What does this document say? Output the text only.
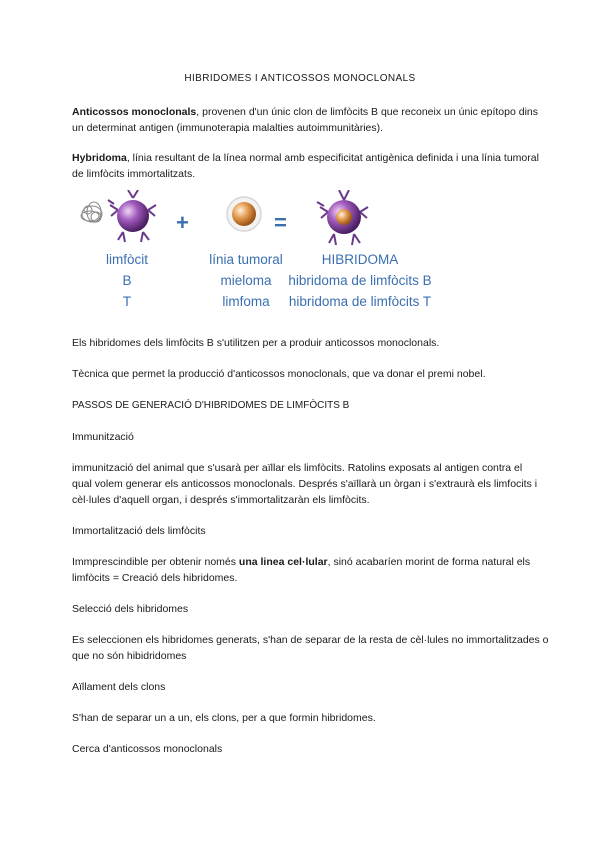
HIBRIDOMES I ANTICOSSOS MONOCLONALS
Anticossos monoclonals, provenen d'un únic clon de limfòcits B que reconeix un únic epítopo dins
un determinat antigen (immunoterapia malalties autoimmunitàries).
Hybridoma, línia resultant de la línea normal amb especificitat antigènica definida i una línia tumoral
de limfòcits immortalitzats.
+	=
limfòcit
B
T
línia tumoral
mieloma
limfoma
HIBRIDOMA
hibridoma de limfòcits B
hibridoma de limfòcits T
Els hibridomes dels limfòcits B s'utilitzen per a produir anticossos monoclonals.
Tècnica que permet la producció d'anticossos monoclonals, que va donar el premi nobel.
PASSOS DE GENERACIÓ D'HIBRIDOMES DE LIMFÒCITS B
Immunització
immunització del animal que s'usarà per aïllar els limfòcits. Ratolins exposats al antigen contra el
qual volem generar els anticossos monoclonals. Després s'aïllarà un òrgan i s'extraurà els limfocits i
cèl·lules d'aquell organ, i després s'immortalitzaràn els limfòcits.
Immortalització dels limfòcits
Immprescindible per obtenir només una linea cel·lular, sinó acabaríen morint de forma natural els
limfòcits = Creació dels hibridomes.
Selecció dels hibridomes
Es seleccionen els hibridomes generats, s'han de separar de la resta de cèl·lules no immortalitzades o
que no són hibidridomes
Aïllament dels clons
S'han de separar un a un, els clons, per a que formin hibridomes.
Cerca d'anticossos monoclonals
